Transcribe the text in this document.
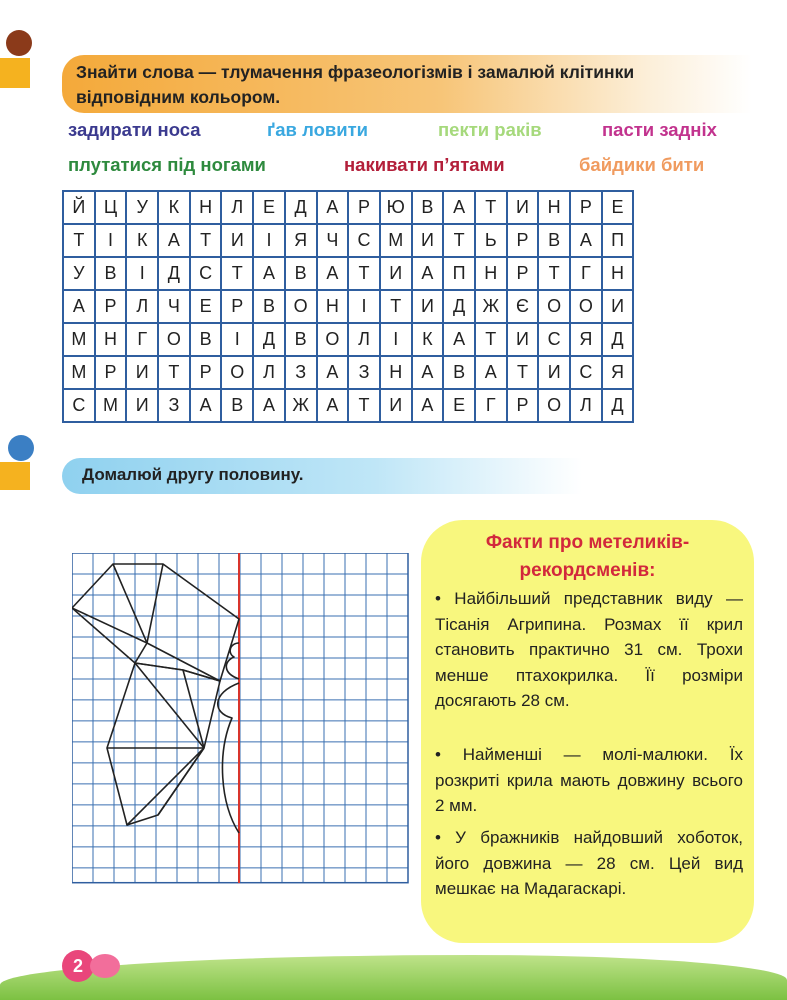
Знайти слова — тлумачення фразеологізмів і замалюй клітинки
відповідним кольором.
задирати носа	ґав ловити	пекти раків	пасти задніх
плутатися під ногами	накивати п’ятами	байдики бити
Й	Ц	У	К	Н	Л	Е	Д	А	Р	Ю	В	А	Т	И	Н	Р	Е
Т	І	К	А	Т	И	І	Я	Ч	С	М	И	Т	Ь	Р	В	А	П
У	В	І	Д	С	Т	А	В	А	Т	И	А	П	Н	Р	Т	Г	Н
А	Р	Л	Ч	Е	Р	В	О	Н	І	Т	И	Д	Ж	Є	О	О	И
М	Н	Г	О	В	І	Д	В	О	Л	І	К	А	Т	И	С	Я	Д
М	Р	И	Т	Р	О	Л	З	А	З	Н	А	В	А	Т	И	С	Я
С	М	И	З	А	В	А	Ж	А	Т	И	А	Е	Г	Р	О	Л	Д
Домалюй другу половину.
Факти про метеликів-
рекордсменів:
• Найбільший представник виду — Тісанія Агрипина. Розмах її крил становить практично 31 см. Трохи менше птахокрилка. Її розміри досягають 28 см.
• Найменші — молі-малюки. Їх розкриті крила мають довжину всього 2 мм.
• У бражників найдовший хоботок, його довжина — 28 см. Цей вид мешкає на Мадагаскарі.
2
